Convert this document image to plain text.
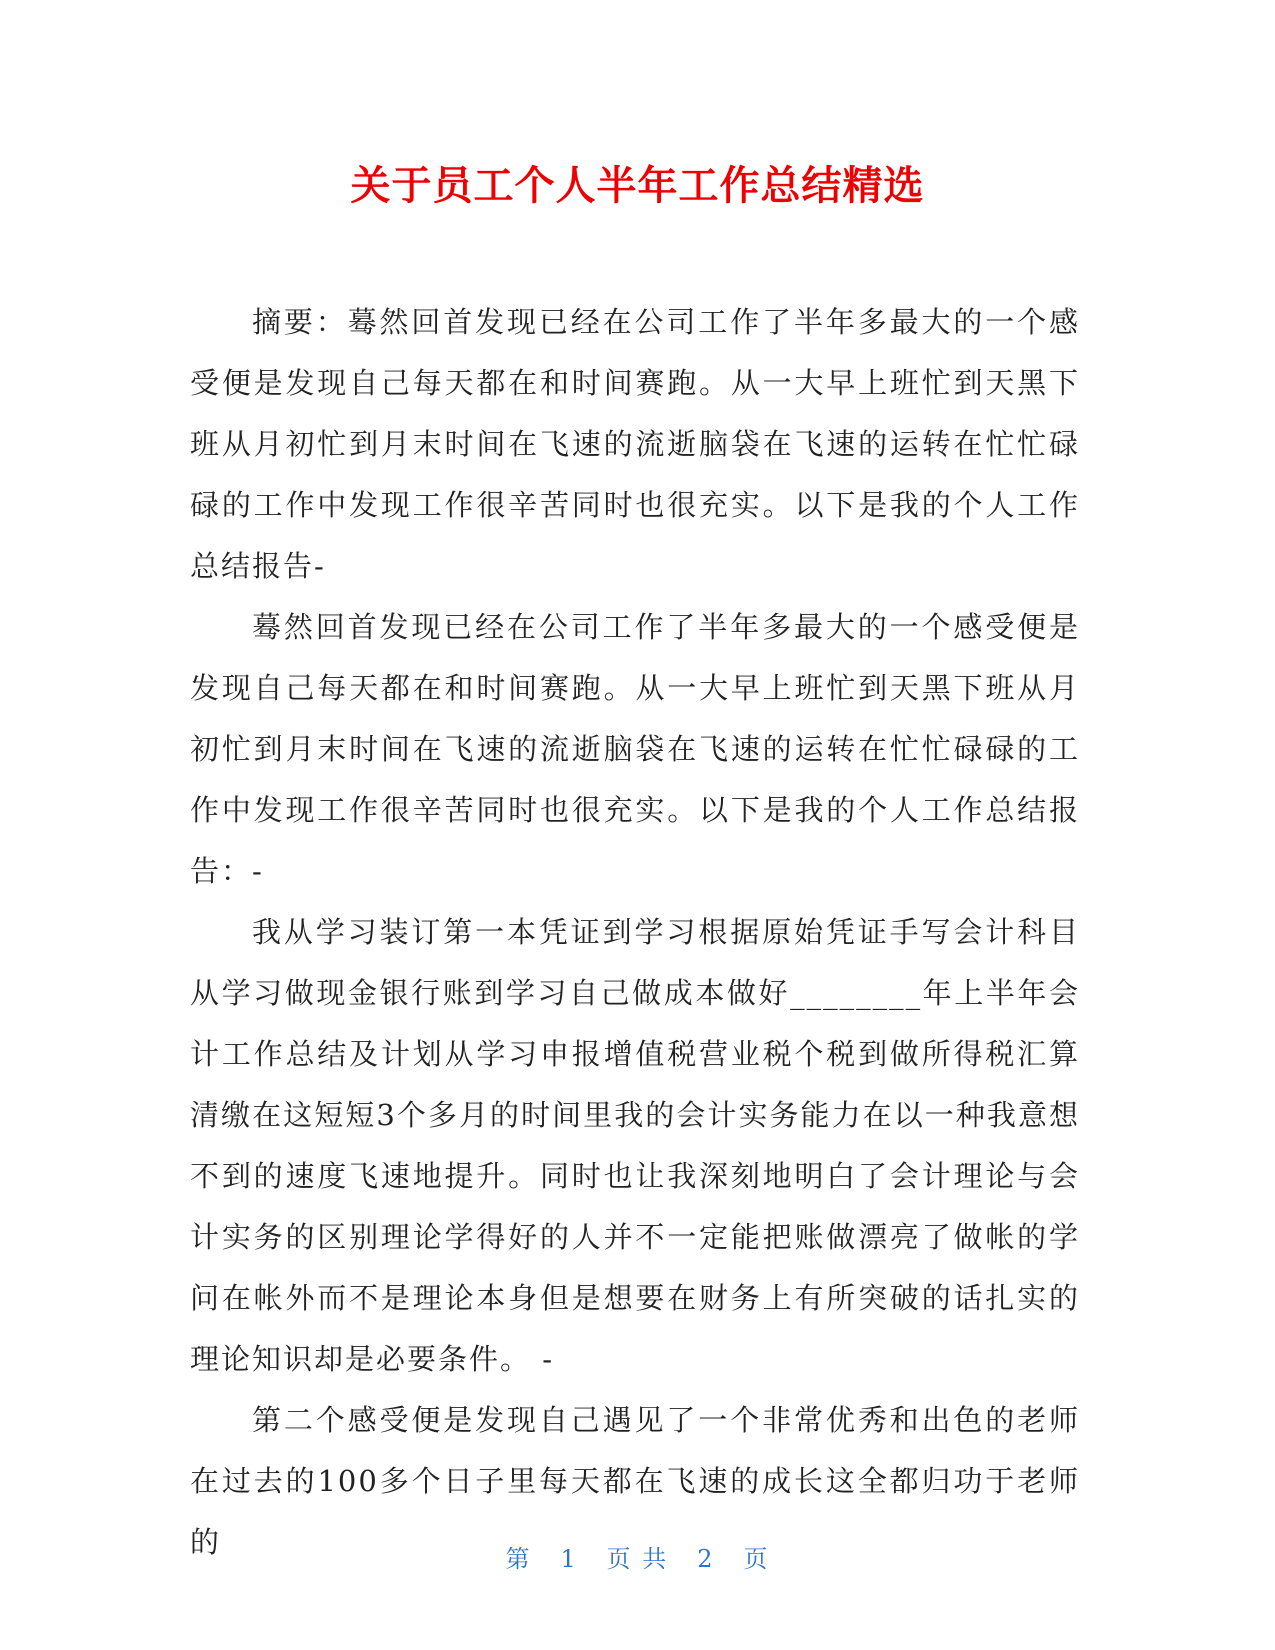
关于员工个人半年工作总结精选

摘要：蓦然回首发现已经在公司工作了半年多最大的一个感受便是发现自己每天都在和时间赛跑。从一大早上班忙到天黑下班从月初忙到月末时间在飞速的流逝脑袋在飞速的运转在忙忙碌碌的工作中发现工作很辛苦同时也很充实。以下是我的个人工作总结报告-

蓦然回首发现已经在公司工作了半年多最大的一个感受便是发现自己每天都在和时间赛跑。从一大早上班忙到天黑下班从月初忙到月末时间在飞速的流逝脑袋在飞速的运转在忙忙碌碌的工作中发现工作很辛苦同时也很充实。以下是我的个人工作总结报告：-

我从学习装订第一本凭证到学习根据原始凭证手写会计科目从学习做现金银行账到学习自己做成本做好________年上半年会计工作总结及计划从学习申报增值税营业税个税到做所得税汇算清缴在这短短3个多月的时间里我的会计实务能力在以一种我意想不到的速度飞速地提升。同时也让我深刻地明白了会计理论与会计实务的区别理论学得好的人并不一定能把账做漂亮了做帐的学问在帐外而不是理论本身但是想要在财务上有所突破的话扎实的理论知识却是必要条件。 -

第二个感受便是发现自己遇见了一个非常优秀和出色的老师在过去的100多个日子里每天都在飞速的成长这全都归功于老师的	第 1 页 共 2 页
